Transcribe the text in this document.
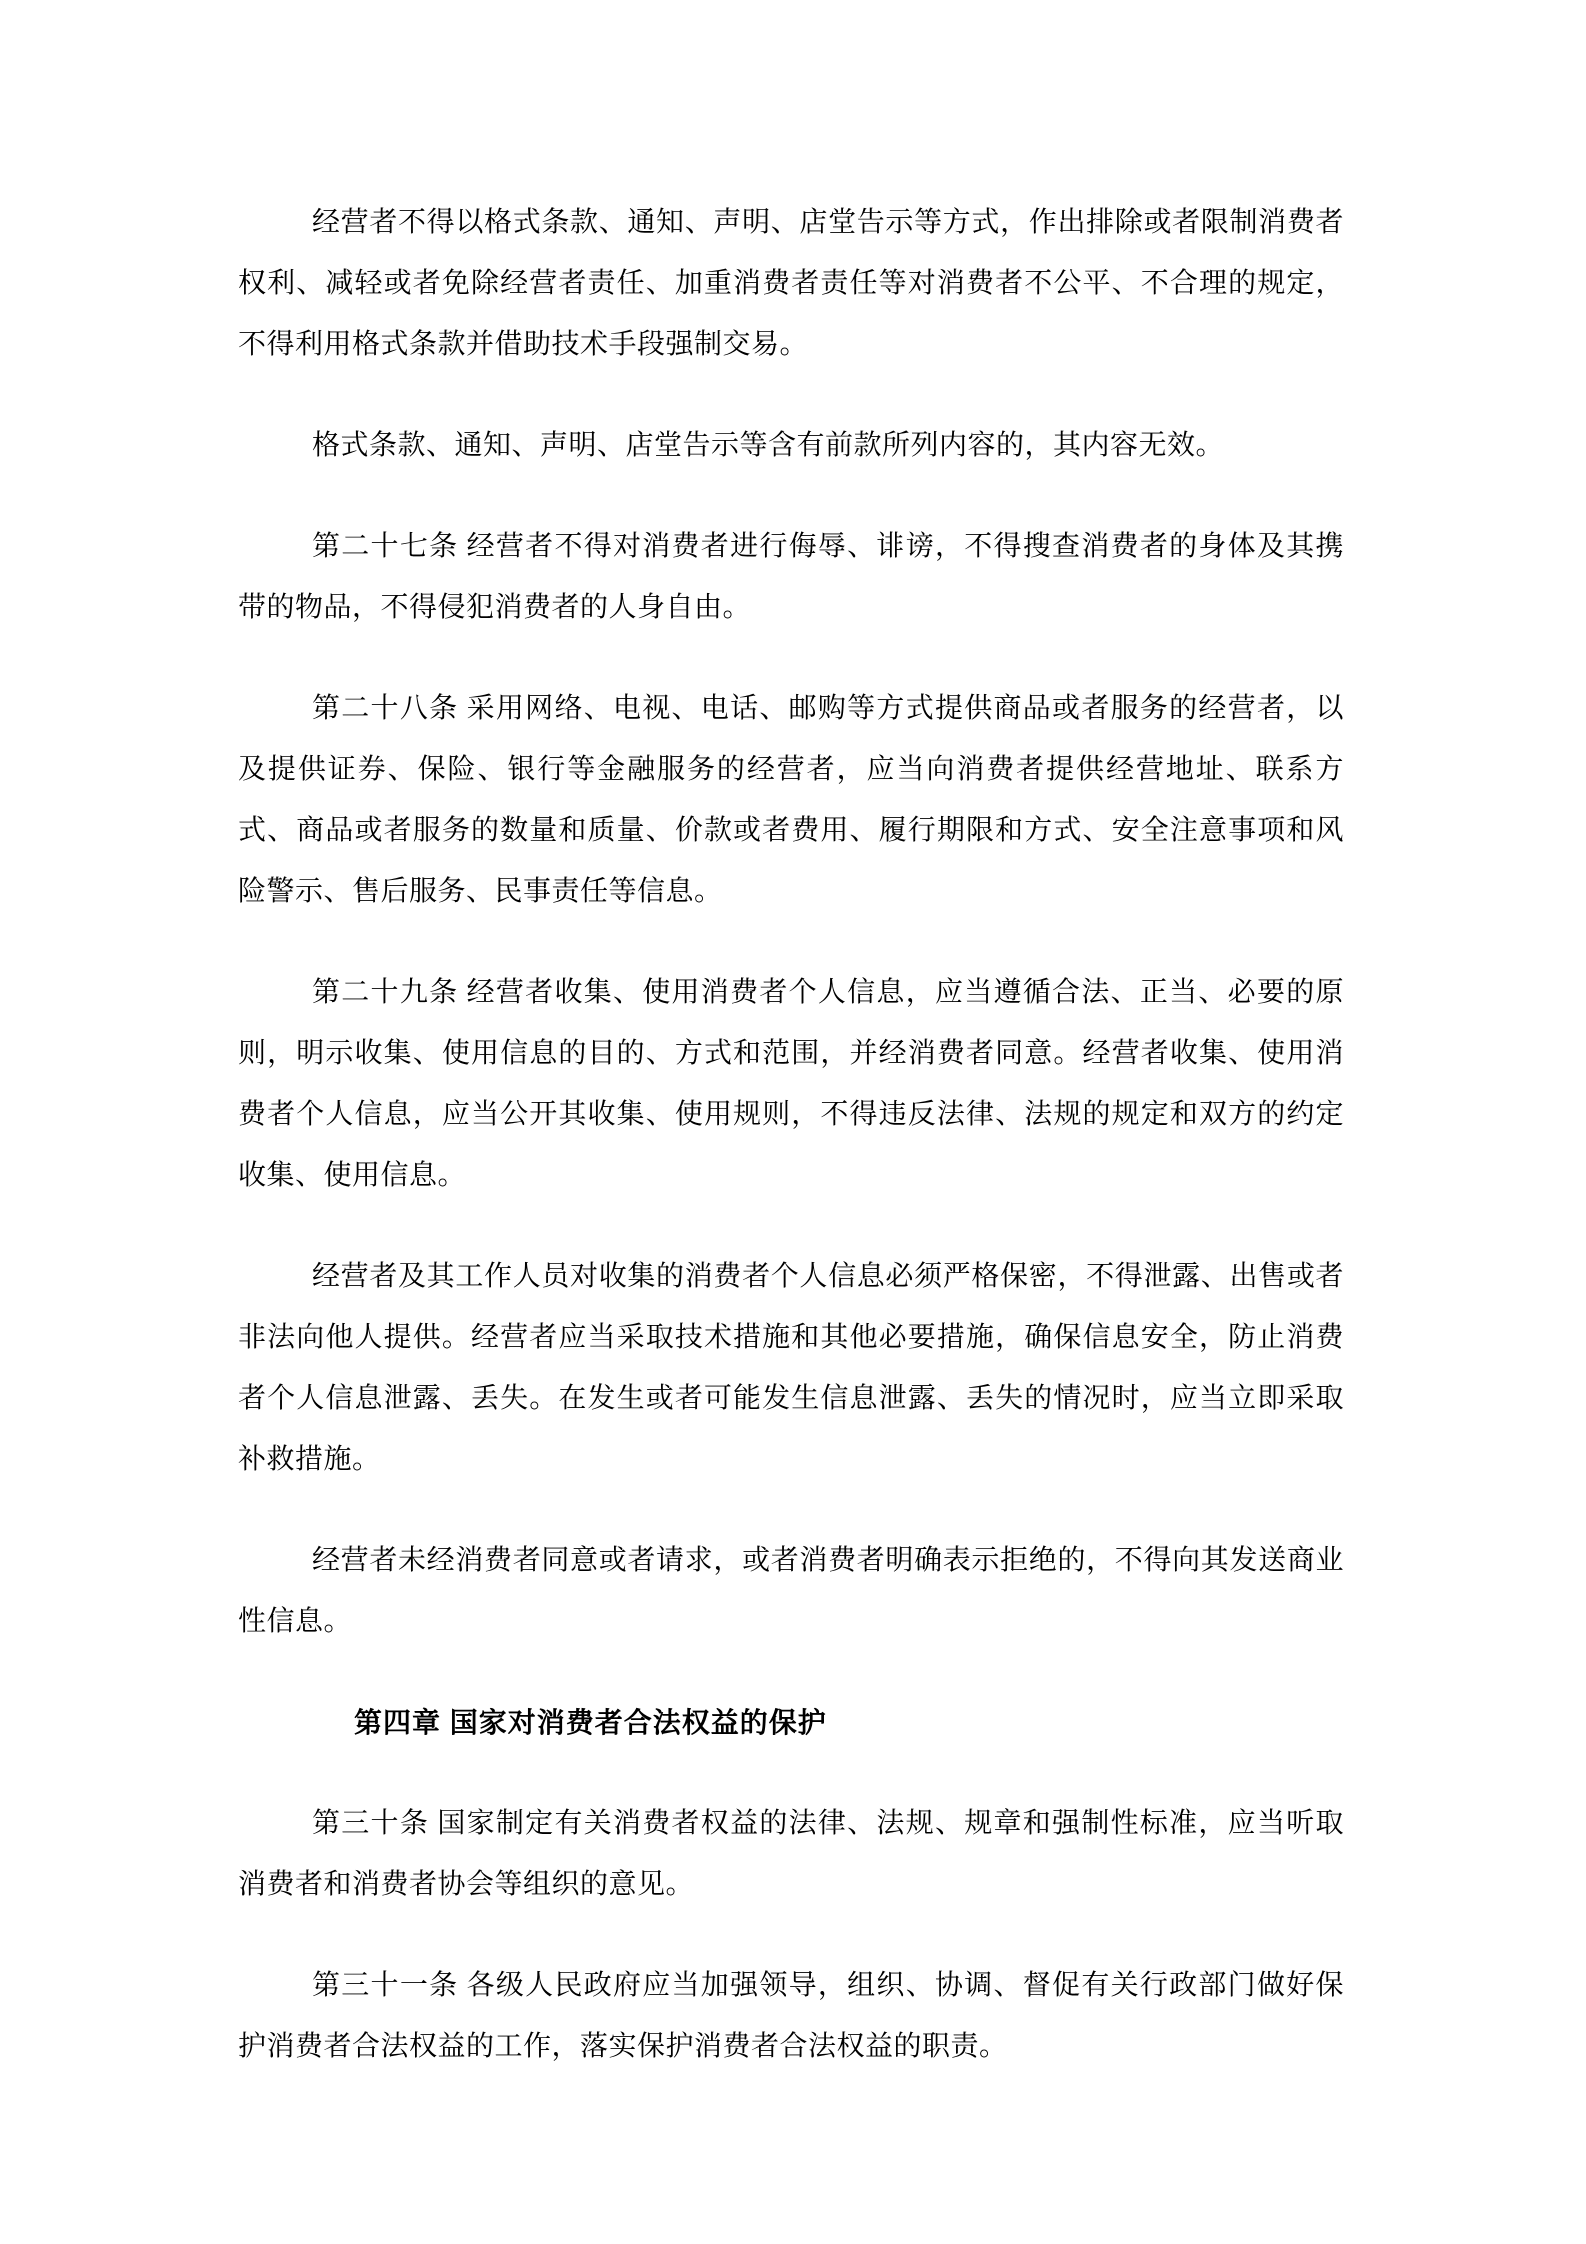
经营者不得以格式条款、通知、声明、店堂告示等方式，作出排除或者限制消费者权利、减轻或者免除经营者责任、加重消费者责任等对消费者不公平、不合理的规定，不得利用格式条款并借助技术手段强制交易。

格式条款、通知、声明、店堂告示等含有前款所列内容的，其内容无效。

第二十七条 经营者不得对消费者进行侮辱、诽谤，不得搜查消费者的身体及其携带的物品，不得侵犯消费者的人身自由。

第二十八条 采用网络、电视、电话、邮购等方式提供商品或者服务的经营者，以及提供证券、保险、银行等金融服务的经营者，应当向消费者提供经营地址、联系方式、商品或者服务的数量和质量、价款或者费用、履行期限和方式、安全注意事项和风险警示、售后服务、民事责任等信息。

第二十九条 经营者收集、使用消费者个人信息，应当遵循合法、正当、必要的原则，明示收集、使用信息的目的、方式和范围，并经消费者同意。经营者收集、使用消费者个人信息，应当公开其收集、使用规则，不得违反法律、法规的规定和双方的约定收集、使用信息。

经营者及其工作人员对收集的消费者个人信息必须严格保密，不得泄露、出售或者非法向他人提供。经营者应当采取技术措施和其他必要措施，确保信息安全，防止消费者个人信息泄露、丢失。在发生或者可能发生信息泄露、丢失的情况时，应当立即采取补救措施。

经营者未经消费者同意或者请求，或者消费者明确表示拒绝的，不得向其发送商业性信息。

第四章 国家对消费者合法权益的保护

第三十条 国家制定有关消费者权益的法律、法规、规章和强制性标准，应当听取消费者和消费者协会等组织的意见。

第三十一条 各级人民政府应当加强领导，组织、协调、督促有关行政部门做好保护消费者合法权益的工作，落实保护消费者合法权益的职责。
